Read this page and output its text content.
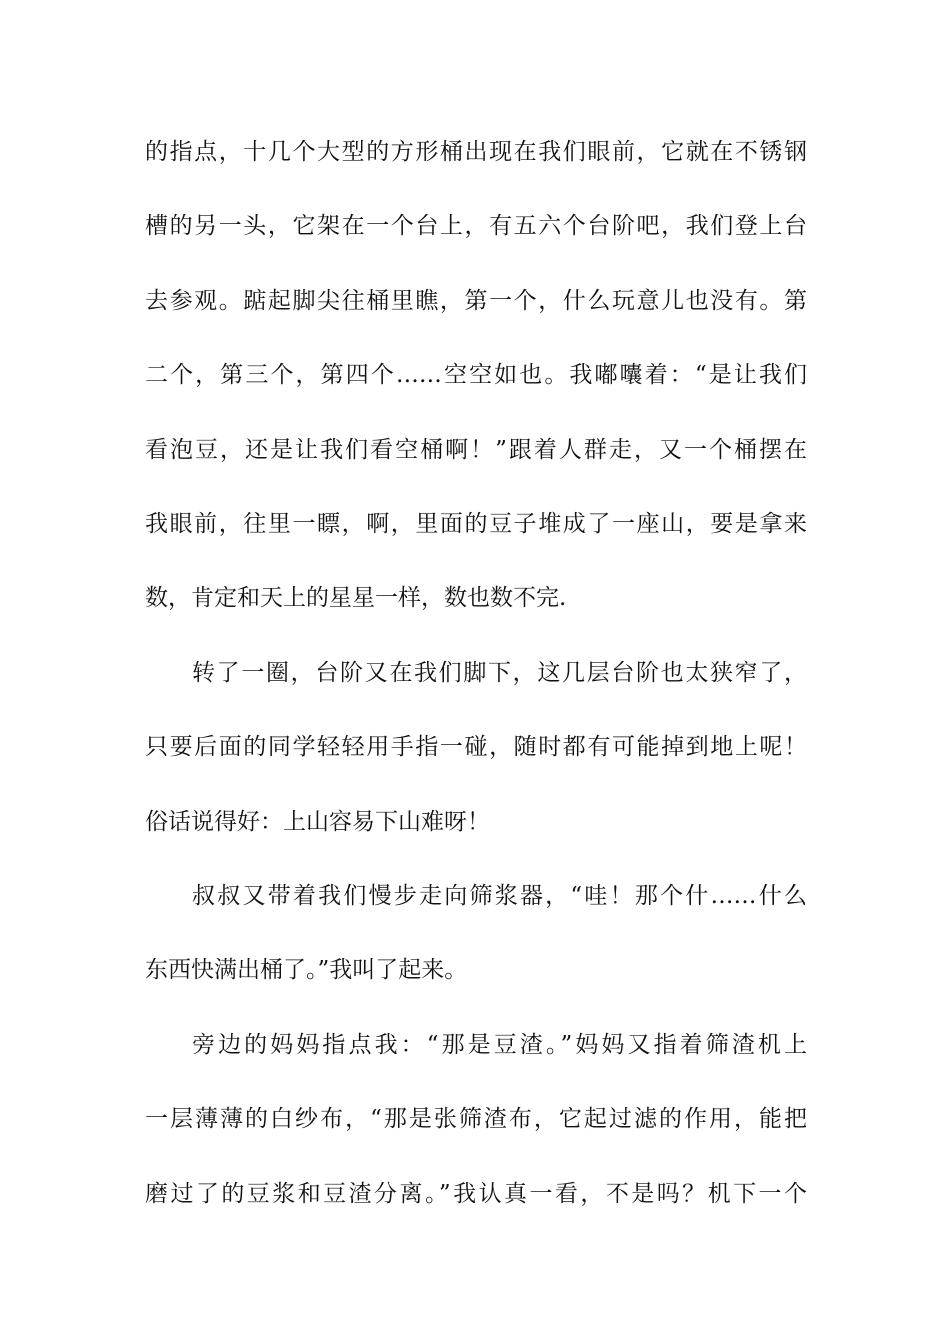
的指点，十几个大型的方形桶出现在我们眼前，它就在不锈钢
槽的另一头，它架在一个台上，有五六个台阶吧，我们登上台
去参观。踮起脚尖往桶里瞧，第一个，什么玩意儿也没有。第
二个，第三个，第四个……空空如也。我嘟囔着：“是让我们
看泡豆，还是让我们看空桶啊！”跟着人群走，又一个桶摆在
我眼前，往里一瞟，啊，里面的豆子堆成了一座山，要是拿来
数，肯定和天上的星星一样，数也数不完.
转了一圈，台阶又在我们脚下，这几层台阶也太狭窄了，
只要后面的同学轻轻用手指一碰，随时都有可能掉到地上呢！
俗话说得好：上山容易下山难呀！
叔叔又带着我们慢步走向筛浆器，“哇！那个什……什么
东西快满出桶了。”我叫了起来。
旁边的妈妈指点我：“那是豆渣。”妈妈又指着筛渣机上
一层薄薄的白纱布，“那是张筛渣布，它起过滤的作用，能把
磨过了的豆浆和豆渣分离。”我认真一看，不是吗？机下一个
